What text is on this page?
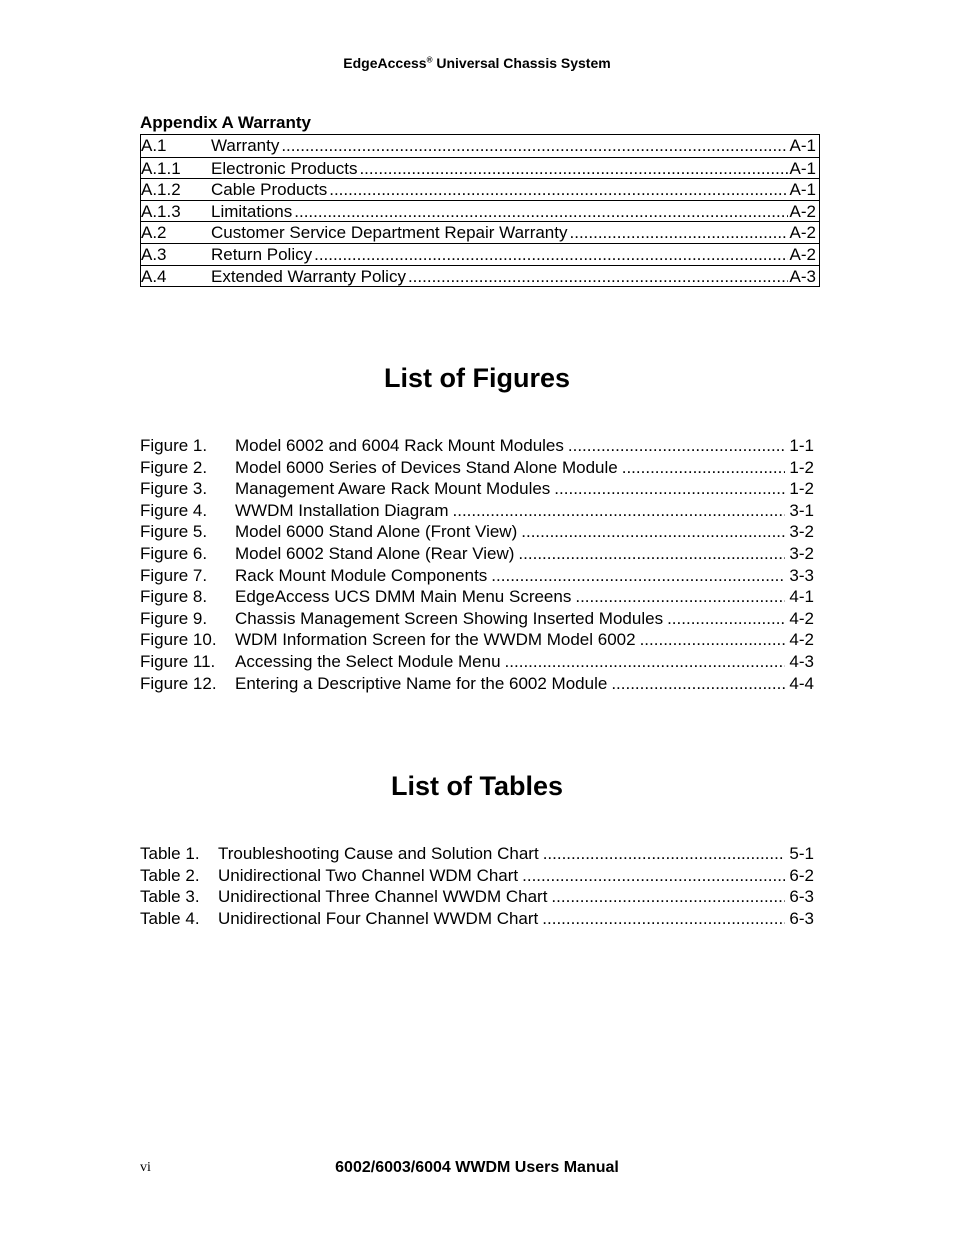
EdgeAccess® Universal Chassis System
Appendix A Warranty
A.1	Warranty .....	A-1
A.1.1	Electronic Products .....	A-1
A.1.2	Cable Products .....	A-1
A.1.3	Limitations .....	A-2
A.2	Customer Service Department Repair Warranty .....	A-2
A.3	Return Policy .....	A-2
A.4	Extended Warranty Policy .....	A-3
List of Figures
Figure 1.	Model 6002 and 6004 Rack Mount Modules .....	1-1
Figure 2.	Model 6000 Series of Devices Stand Alone Module .....	1-2
Figure 3.	Management Aware Rack Mount Modules .....	1-2
Figure 4.	WWDM Installation Diagram .....	3-1
Figure 5.	Model 6000 Stand Alone (Front View) .....	3-2
Figure 6.	Model 6002 Stand Alone (Rear View) .....	3-2
Figure 7.	Rack Mount Module Components .....	3-3
Figure 8.	EdgeAccess UCS DMM Main Menu Screens .....	4-1
Figure 9.	Chassis Management Screen Showing Inserted Modules .....	4-2
Figure 10.	WDM Information Screen for the WWDM Model 6002 .....	4-2
Figure 11.	Accessing the Select Module Menu .....	4-3
Figure 12.	Entering a Descriptive Name for the 6002 Module .....	4-4
List of Tables
Table 1.	Troubleshooting Cause and Solution Chart .....	5-1
Table 2.	Unidirectional Two Channel WDM Chart .....	6-2
Table 3.	Unidirectional Three Channel WWDM Chart .....	6-3
Table 4.	Unidirectional Four Channel WWDM Chart .....	6-3
vi	6002/6003/6004 WWDM Users Manual
